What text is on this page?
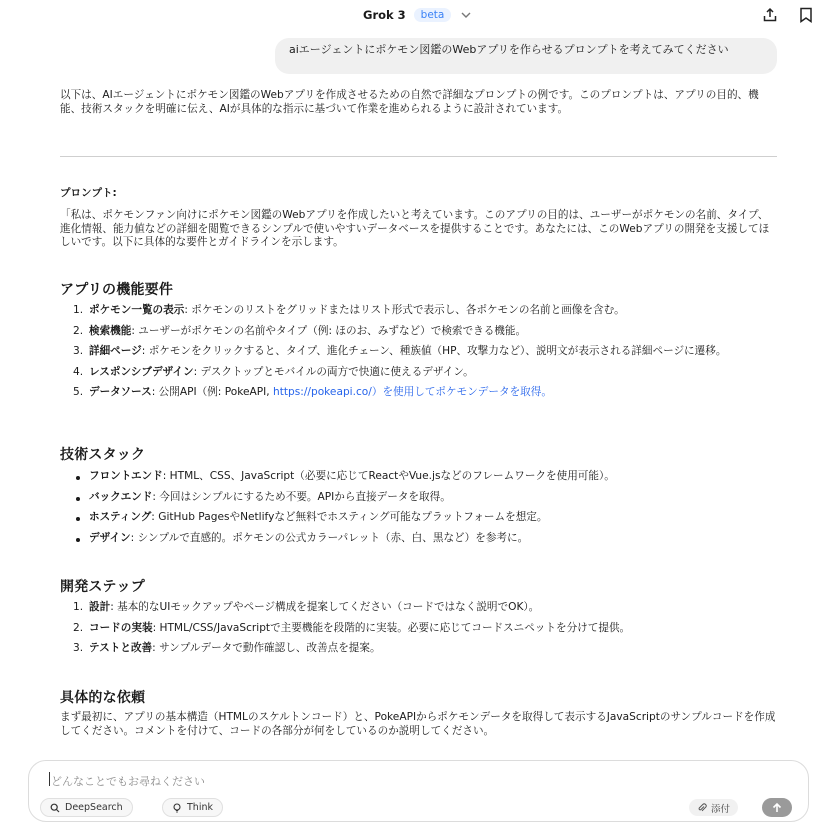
Grok 3	beta
aiエージェントにポケモン図鑑のWebアプリを作らせるプロンプトを考えてみてください
以下は、AIエージェントにポケモン図鑑のWebアプリを作成させるための自然で詳細なプロンプトの例です。このプロンプトは、アプリの目的、機能、技術スタックを明確に伝え、AIが具体的な指示に基づいて作業を進められるように設計されています。
プロンプト:
「私は、ポケモンファン向けにポケモン図鑑のWebアプリを作成したいと考えています。このアプリの目的は、ユーザーがポケモンの名前、タイプ、進化情報、能力値などの詳細を閲覧できるシンプルで使いやすいデータベースを提供することです。あなたには、このWebアプリの開発を支援してほしいです。以下に具体的な要件とガイドラインを示します。
アプリの機能要件
1. ポケモン一覧の表示: ポケモンのリストをグリッドまたはリスト形式で表示し、各ポケモンの名前と画像を含む。
2. 検索機能: ユーザーがポケモンの名前やタイプ（例: ほのお、みずなど）で検索できる機能。
3. 詳細ページ: ポケモンをクリックすると、タイプ、進化チェーン、種族値（HP、攻撃力など）、説明文が表示される詳細ページに遷移。
4. レスポンシブデザイン: デスクトップとモバイルの両方で快適に使えるデザイン。
5. データソース: 公開API（例: PokeAPI, https://pokeapi.co/）を使用してポケモンデータを取得。
技術スタック
フロントエンド: HTML、CSS、JavaScript（必要に応じてReactやVue.jsなどのフレームワークを使用可能）。
バックエンド: 今回はシンプルにするため不要。APIから直接データを取得。
ホスティング: GitHub PagesやNetlifyなど無料でホスティング可能なプラットフォームを想定。
デザイン: シンプルで直感的。ポケモンの公式カラーパレット（赤、白、黒など）を参考に。
開発ステップ
1. 設計: 基本的なUIモックアップやページ構成を提案してください（コードではなく説明でOK）。
2. コードの実装: HTML/CSS/JavaScriptで主要機能を段階的に実装。必要に応じてコードスニペットを分けて提供。
3. テストと改善: サンプルデータで動作確認し、改善点を提案。
具体的な依頼
まず最初に、アプリの基本構造（HTMLのスケルトンコード）と、PokeAPIからポケモンデータを取得して表示するJavaScriptのサンプルコードを作成してください。コメントを付けて、コードの各部分が何をしているのか説明してください。
どんなことでもお尋ねください
DeepSearch	Think	添付
